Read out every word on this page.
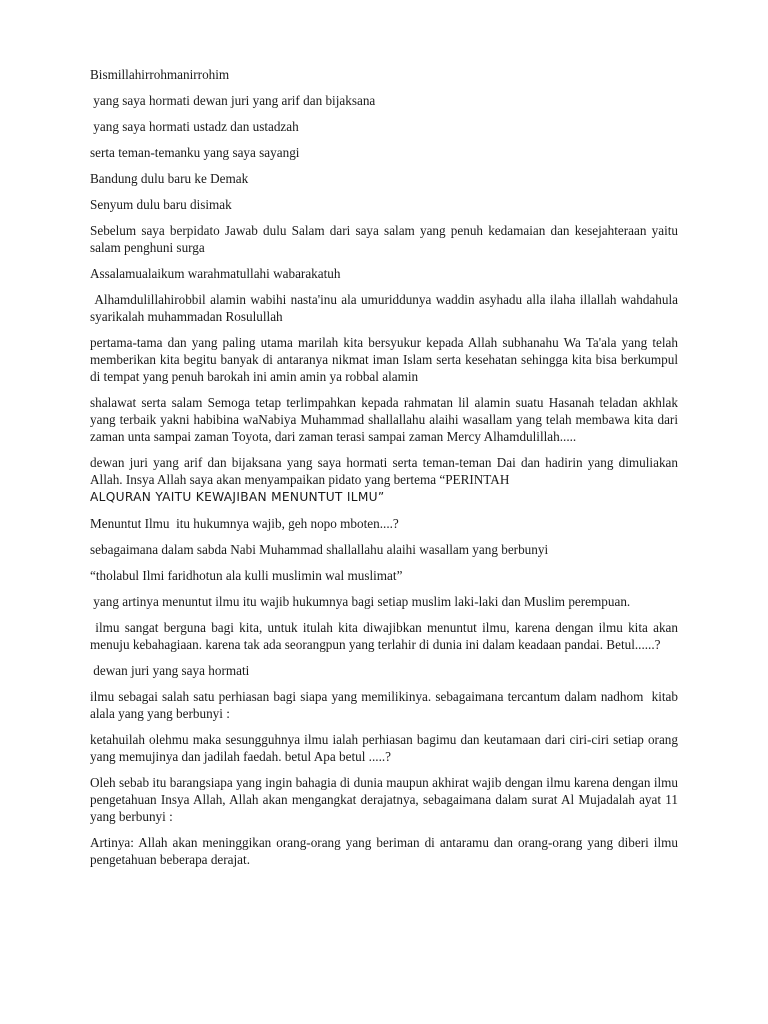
Bismillahirrohmanirrohim

yang saya hormati dewan juri yang arif dan bijaksana

yang saya hormati ustadz dan ustadzah

serta teman-temanku yang saya sayangi

Bandung dulu baru ke Demak

Senyum dulu baru disimak

Sebelum saya berpidato Jawab dulu Salam dari saya salam yang penuh kedamaian dan kesejahteraan yaitu salam penghuni surga

Assalamualaikum warahmatullahi wabarakatuh

Alhamdulillahirobbil alamin wabihi nasta'inu ala umuriddunya waddin asyhadu alla ilaha illallah wahdahula syarikalah muhammadan Rosulullah

pertama-tama dan yang paling utama marilah kita bersyukur kepada Allah subhanahu Wa Ta'ala yang telah memberikan kita begitu banyak di antaranya nikmat iman Islam serta kesehatan sehingga kita bisa berkumpul di tempat yang penuh barokah ini amin amin ya robbal alamin

shalawat serta salam Semoga tetap terlimpahkan kepada rahmatan lil alamin suatu Hasanah teladan akhlak yang terbaik yakni habibina waNabiya Muhammad shallallahu alaihi wasallam yang telah membawa kita dari zaman unta sampai zaman Toyota, dari zaman terasi sampai zaman Mercy Alhamdulillah.....

dewan juri yang arif dan bijaksana yang saya hormati serta teman-teman Dai dan hadirin yang dimuliakan Allah. Insya Allah saya akan menyampaikan pidato yang bertema “PERINTAH
ALQURAN YAITU KEWAJIBAN MENUNTUT ILMU”

Menuntut Ilmu  itu hukumnya wajib, geh nopo mboten....?

sebagaimana dalam sabda Nabi Muhammad shallallahu alaihi wasallam yang berbunyi

“tholabul Ilmi faridhotun ala kulli muslimin wal muslimat”

yang artinya menuntut ilmu itu wajib hukumnya bagi setiap muslim laki-laki dan Muslim perempuan.

ilmu sangat berguna bagi kita, untuk itulah kita diwajibkan menuntut ilmu, karena dengan ilmu kita akan menuju kebahagiaan. karena tak ada seorangpun yang terlahir di dunia ini dalam keadaan pandai. Betul......?

dewan juri yang saya hormati

ilmu sebagai salah satu perhiasan bagi siapa yang memilikinya. sebagaimana tercantum dalam nadhom  kitab alala yang yang berbunyi :

ketahuilah olehmu maka sesungguhnya ilmu ialah perhiasan bagimu dan keutamaan dari ciri-ciri setiap orang yang memujinya dan jadilah faedah. betul Apa betul .....?

Oleh sebab itu barangsiapa yang ingin bahagia di dunia maupun akhirat wajib dengan ilmu karena dengan ilmu pengetahuan Insya Allah, Allah akan mengangkat derajatnya, sebagaimana dalam surat Al Mujadalah ayat 11 yang berbunyi :

Artinya: Allah akan meninggikan orang-orang yang beriman di antaramu dan orang-orang yang diberi ilmu pengetahuan beberapa derajat.
